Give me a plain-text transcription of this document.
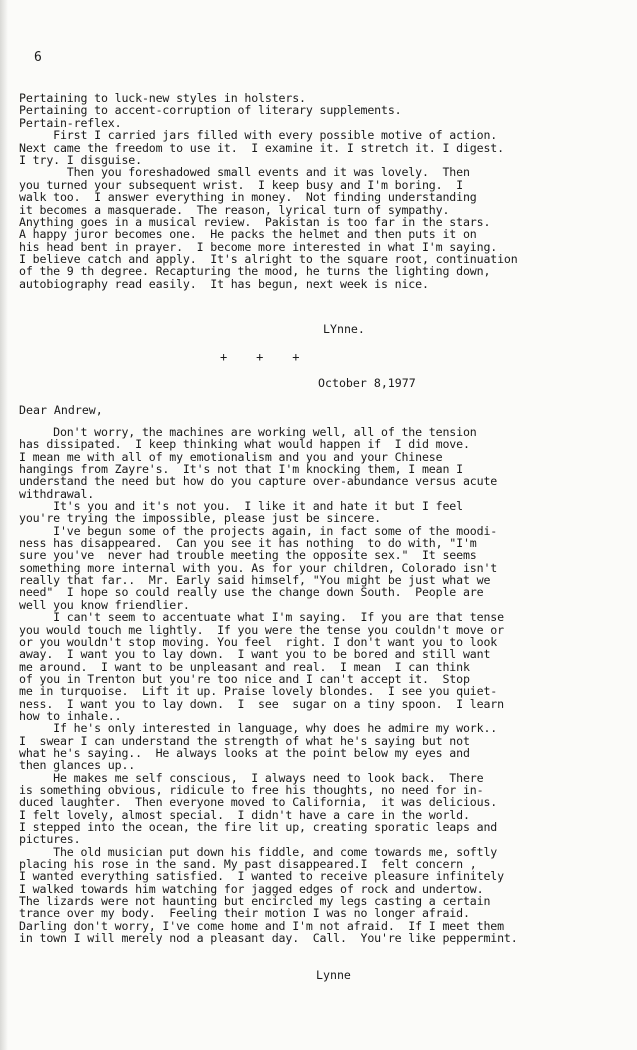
6
Pertaining to luck-new styles in holsters.
Pertaining to accent-corruption of literary supplements.
Pertain-reflex.
First I carried jars filled with every possible motive of action.
Next came the freedom to use it.  I examine it. I stretch it. I digest.
I try. I disguise.
Then you foreshadowed small events and it was lovely.  Then
you turned your subsequent wrist.  I keep busy and I'm boring.  I
walk too.  I answer everything in money.  Not finding understanding
it becomes a masquerade.  The reason, lyrical turn of sympathy.
Anything goes in a musical review.  Pakistan is too far in the stars.
A happy juror becomes one.  He packs the helmet and then puts it on
his head bent in prayer.  I become more interested in what I'm saying.
I believe catch and apply.  It's alright to the square root, continuation
of the 9 th degree. Recapturing the mood, he turns the lighting down,
autobiography read easily.  It has begun, next week is nice.
LYnne.
+    +    +
October 8,1977
Dear Andrew,
Don't worry, the machines are working well, all of the tension
has dissipated.  I keep thinking what would happen if  I did move.
I mean me with all of my emotionalism and you and your Chinese
hangings from Zayre's.  It's not that I'm knocking them, I mean I
understand the need but how do you capture over-abundance versus acute
withdrawal.
It's you and it's not you.  I like it and hate it but I feel
you're trying the impossible, please just be sincere.
I've begun some of the projects again, in fact some of the moodi-
ness has disappeared.  Can you see it has nothing  to do with, "I'm
sure you've  never had trouble meeting the opposite sex."  It seems
something more internal with you. As for your children, Colorado isn't
really that far..  Mr. Early said himself, "You might be just what we
need"  I hope so could really use the change down South.  People are
well you know friendlier.
I can't seem to accentuate what I'm saying.  If you are that tense
you would touch me lightly.  If you were the tense you couldn't move or
or you wouldn't stop moving. You feel  right. I don't want you to look
away.  I want you to lay down.  I want you to be bored and still want
me around.  I want to be unpleasant and real.  I mean  I can think
of you in Trenton but you're too nice and I can't accept it.  Stop
me in turquoise.  Lift it up. Praise lovely blondes.  I see you quiet-
ness.  I want you to lay down.  I  see  sugar on a tiny spoon.  I learn
how to inhale..
If he's only interested in language, why does he admire my work..
I  swear I can understand the strength of what he's saying but not
what he's saying..  He always looks at the point below my eyes and
then glances up..
He makes me self conscious,  I always need to look back.  There
is something obvious, ridicule to free his thoughts, no need for in-
duced laughter.  Then everyone moved to California,  it was delicious.
I felt lovely, almost special.  I didn't have a care in the world.
I stepped into the ocean, the fire lit up, creating sporatic leaps and
pictures.
The old musician put down his fiddle, and come towards me, softly
placing his rose in the sand. My past disappeared.I  felt concern ,
I wanted everything satisfied.  I wanted to receive pleasure infinitely
I walked towards him watching for jagged edges of rock and undertow.
The lizards were not haunting but encircled my legs casting a certain
trance over my body.  Feeling their motion I was no longer afraid.
Darling don't worry, I've come home and I'm not afraid.  If I meet them
in town I will merely nod a pleasant day.  Call.  You're like peppermint.
Lynne
